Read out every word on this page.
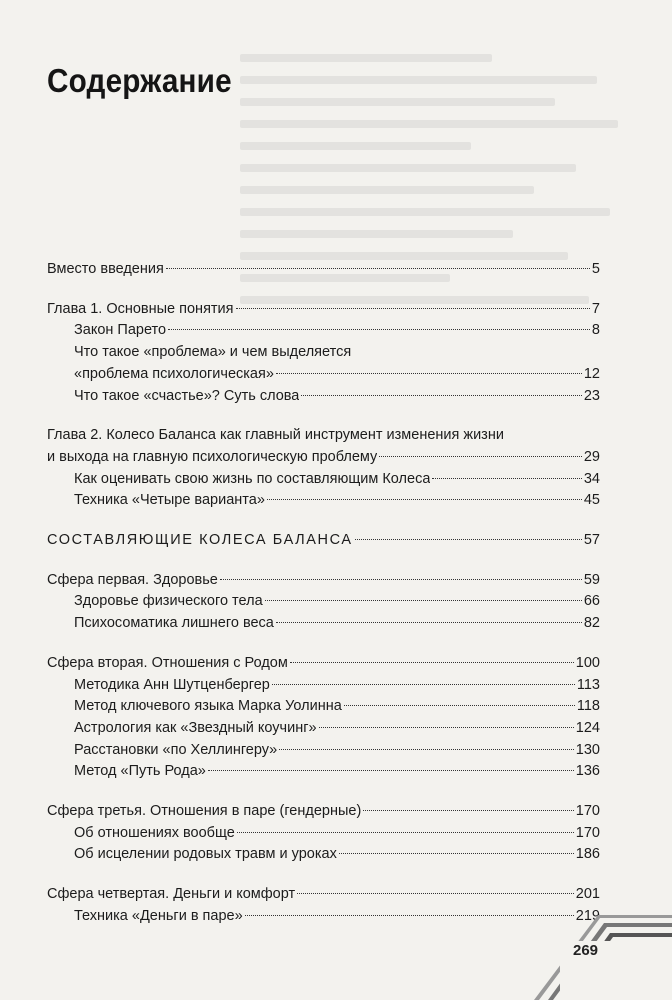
Содержание
Вместо введения	5
Глава 1. Основные понятия	7
Закон Парето	8
Что такое «проблема» и чем выделяется
«проблема психологическая»	12
Что такое «счастье»? Суть слова	23
Глава 2. Колесо Баланса как главный инструмент изменения жизни
и выхода на главную психологическую проблему	29
Как оценивать свою жизнь по составляющим Колеса	34
Техника «Четыре варианта»	45
СОСТАВЛЯЮЩИЕ КОЛЕСА БАЛАНСА	57
Сфера первая. Здоровье	59
Здоровье физического тела	66
Психосоматика лишнего веса	82
Сфера вторая. Отношения с Родом	100
Методика Анн Шутценбергер	113
Метод ключевого языка Марка Уолинна	118
Астрология как «Звездный коучинг»	124
Расстановки «по Хеллингеру»	130
Метод «Путь Рода»	136
Сфера третья. Отношения в паре (гендерные)	170
Об отношениях вообще	170
Об исцелении родовых травм и уроках	186
Сфера четвертая. Деньги и комфорт	201
Техника «Деньги в паре»	219
269
